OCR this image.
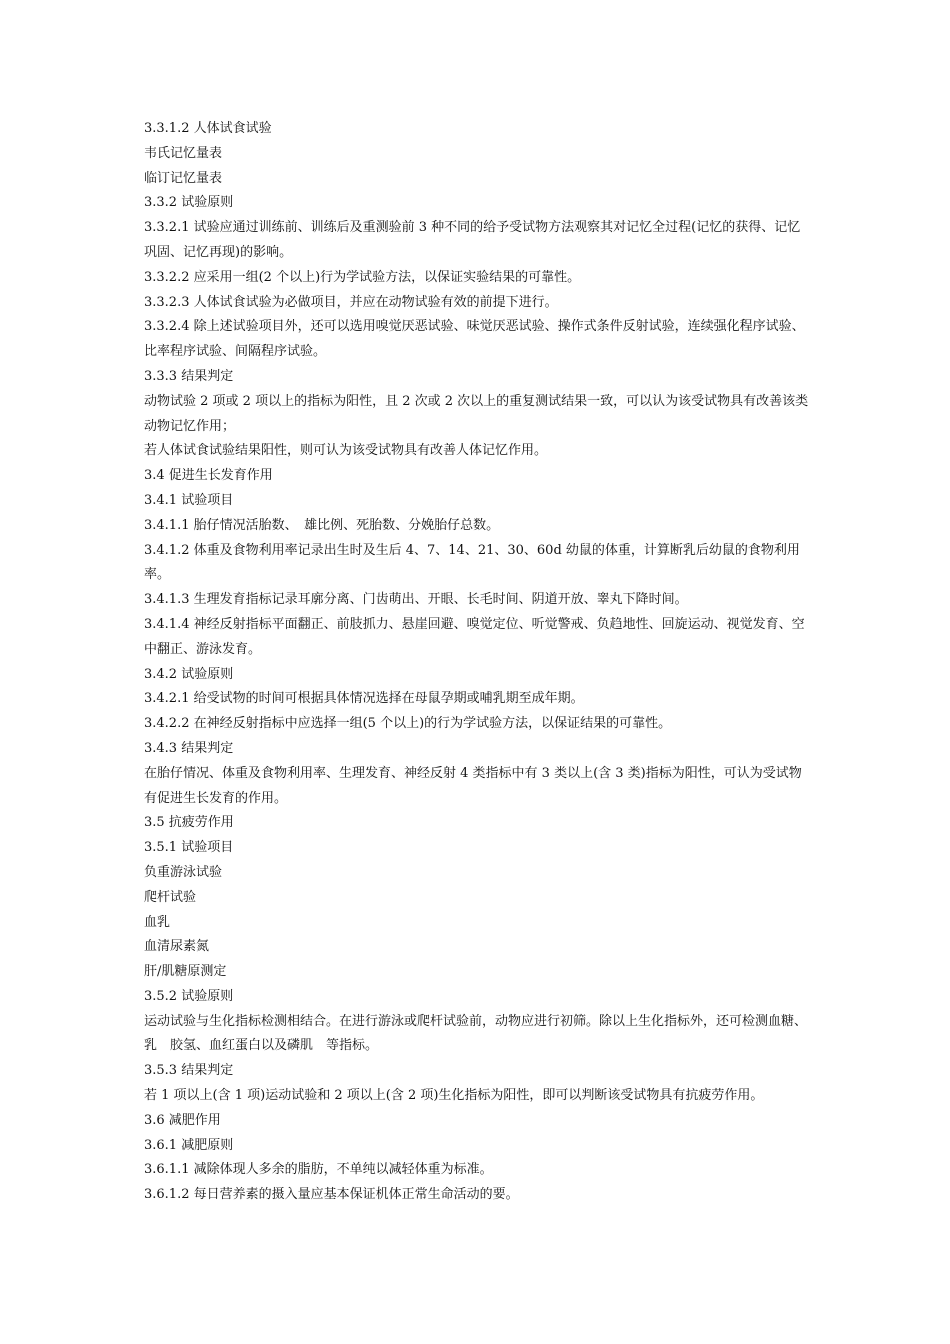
3.3.1.2 人体试食试验

韦氏记忆量表

临订记忆量表

3.3.2 试验原则

3.3.2.1 试验应通过训练前、训练后及重测验前 3 种不同的给予受试物方法观察其对记忆全过程(记忆的获得、记忆巩固、记忆再现)的影响。

3.3.2.2 应采用一组(2 个以上)行为学试验方法，以保证实验结果的可靠性。

3.3.2.3 人体试食试验为必做项目，并应在动物试验有效的前提下进行。

3.3.2.4 除上述试验项目外，还可以选用嗅觉厌恶试验、味觉厌恶试验、操作式条件反射试验，连续强化程序试验、比率程序试验、间隔程序试验。

3.3.3 结果判定

动物试验 2 项或 2 项以上的指标为阳性，且 2 次或 2 次以上的重复测试结果一致，可以认为该受试物具有改善该类动物记忆作用；

若人体试食试验结果阳性，则可认为该受试物具有改善人体记忆作用。

3.4 促进生长发育作用

3.4.1 试验项目

3.4.1.1 胎仔情况活胎数、　雄比例、死胎数、分娩胎仔总数。

3.4.1.2 体重及食物利用率记录出生时及生后 4、7、14、21、30、60d 幼鼠的体重，计算断乳后幼鼠的食物利用率。

3.4.1.3 生理发育指标记录耳廓分离、门齿萌出、开眼、长毛时间、阴道开放、睾丸下降时间。

3.4.1.4 神经反射指标平面翻正、前肢抓力、悬崖回避、嗅觉定位、听觉警戒、负趋地性、回旋运动、视觉发育、空中翻正、游泳发育。

3.4.2 试验原则

3.4.2.1 给受试物的时间可根据具体情况选择在母鼠孕期或哺乳期至成年期。

3.4.2.2 在神经反射指标中应选择一组(5 个以上)的行为学试验方法，以保证结果的可靠性。

3.4.3 结果判定

在胎仔情况、体重及食物利用率、生理发育、神经反射 4 类指标中有 3 类以上(含 3 类)指标为阳性，可认为受试物有促进生长发育的作用。

3.5 抗疲劳作用

3.5.1 试验项目

负重游泳试验

爬杆试验

血乳

血清尿素氮

肝/肌糖原测定

3.5.2 试验原则

运动试验与生化指标检测相结合。在进行游泳或爬杆试验前，动物应进行初筛。除以上生化指标外，还可检测血糖、乳　胶氢、血红蛋白以及磷肌　等指标。

3.5.3 结果判定

若 1 项以上(含 1 项)运动试验和 2 项以上(含 2 项)生化指标为阳性，即可以判断该受试物具有抗疲劳作用。

3.6 减肥作用

3.6.1 减肥原则

3.6.1.1 减除体现人多余的脂肪，不单纯以减轻体重为标准。

3.6.1.2 每日营养素的摄入量应基本保证机体正常生命活动的要。
